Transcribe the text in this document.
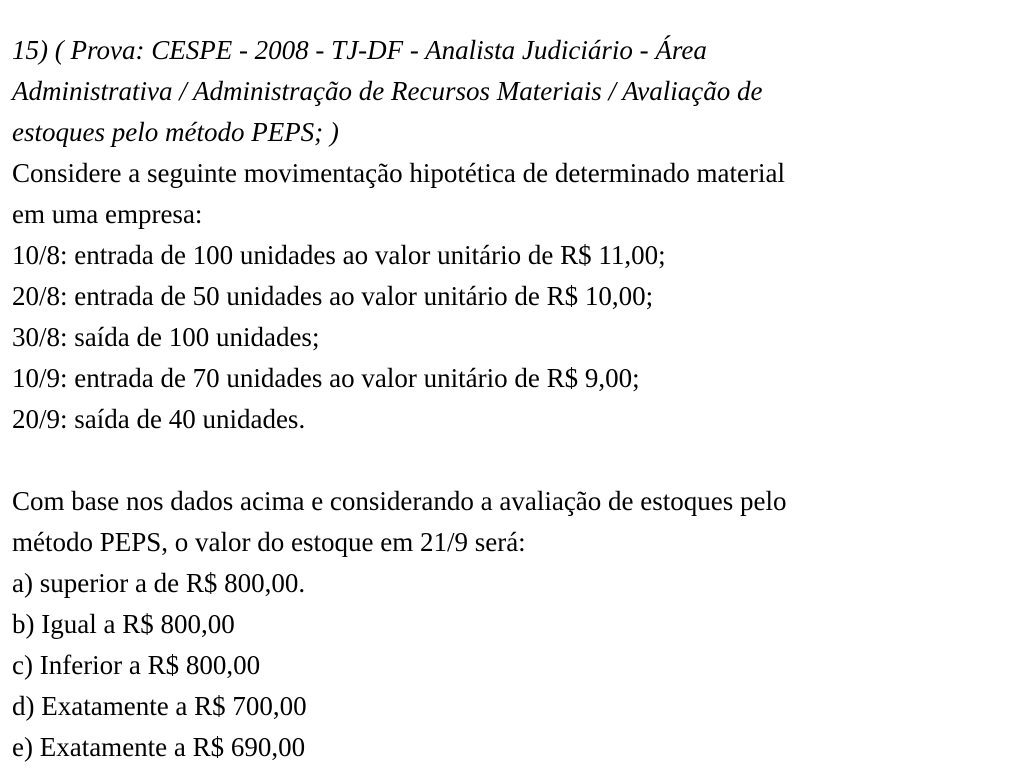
15) ( Prova: CESPE - 2008 - TJ-DF - Analista Judiciário - Área
Administrativa / Administração de Recursos Materiais / Avaliação de
estoques pelo método PEPS; )
Considere a seguinte movimentação hipotética de determinado material
em uma empresa:
10/8: entrada de 100 unidades ao valor unitário de R$ 11,00;
20/8: entrada de 50 unidades ao valor unitário de R$ 10,00;
30/8: saída de 100 unidades;
10/9: entrada de 70 unidades ao valor unitário de R$ 9,00;
20/9: saída de 40 unidades.
Com base nos dados acima e considerando a avaliação de estoques pelo
método PEPS, o valor do estoque em 21/9 será:
a) superior a de R$ 800,00.
b) Igual a R$ 800,00
c) Inferior a R$ 800,00
d) Exatamente a R$ 700,00
e) Exatamente a R$ 690,00
